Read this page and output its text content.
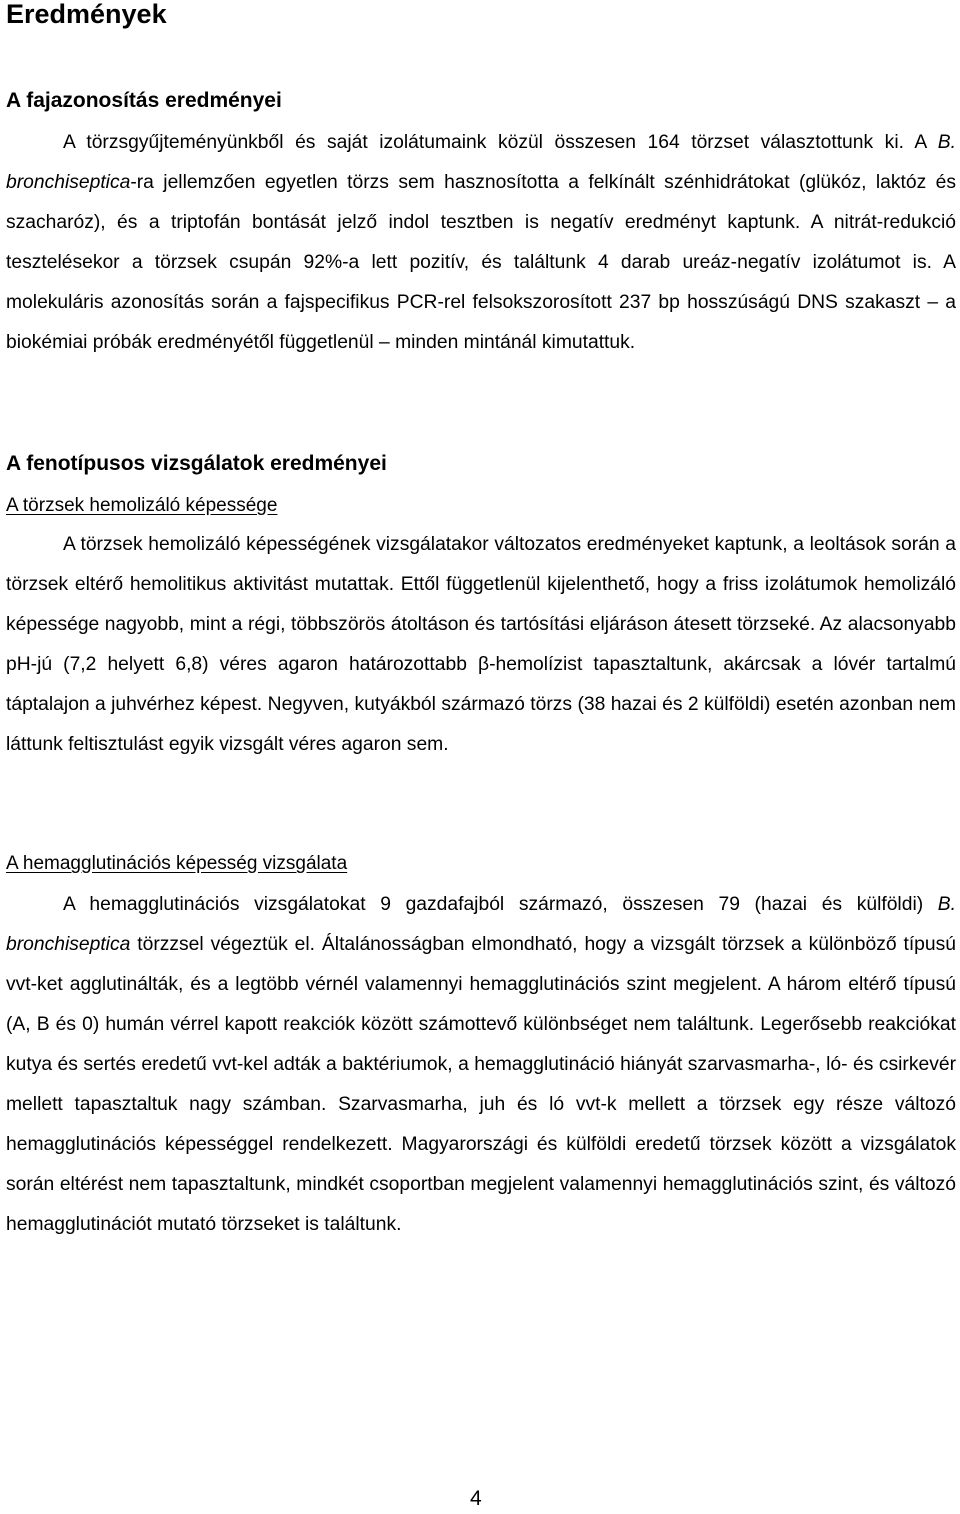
Eredmények
A fajazonosítás eredményei

A törzsgyűjteményünkből és saját izolátumaink közül összesen 164 törzset választottunk ki. A B. bronchiseptica-ra jellemzően egyetlen törzs sem hasznosította a felkínált szénhidrátokat (glükóz, laktóz és szacharóz), és a triptofán bontását jelző indol tesztben is negatív eredményt kaptunk. A nitrát-redukció tesztelésekor a törzsek csupán 92%-a lett pozitív, és találtunk 4 darab ureáz-negatív izolátumot is. A molekuláris azonosítás során a fajspecifikus PCR-rel felsokszorosított 237 bp hosszúságú DNS szakaszt – a biokémiai próbák eredményétől függetlenül – minden mintánál kimutattuk.

A fenotípusos vizsgálatok eredményei
A törzsek hemolizáló képessége

A törzsek hemolizáló képességének vizsgálatakor változatos eredményeket kaptunk, a leoltások során a törzsek eltérő hemolitikus aktivitást mutattak. Ettől függetlenül kijelenthető, hogy a friss izolátumok hemolizáló képessége nagyobb, mint a régi, többszörös átoltáson és tartósítási eljáráson átesett törzseké. Az alacsonyabb pH-jú (7,2 helyett 6,8) véres agaron határozottabb β-hemolízist tapasztaltunk, akárcsak a lóvér tartalmú táptalajon a juhvérhez képest. Negyven, kutyákból származó törzs (38 hazai és 2 külföldi) esetén azonban nem láttunk feltisztulást egyik vizsgált véres agaron sem.

A hemagglutinációs képesség vizsgálata

A hemagglutinációs vizsgálatokat 9 gazdafajból származó, összesen 79 (hazai és külföldi) B. bronchiseptica törzzsel végeztük el. Általánosságban elmondható, hogy a vizsgált törzsek a különböző típusú vvt-ket agglutinálták, és a legtöbb vérnél valamennyi hemagglutinációs szint megjelent. A három eltérő típusú (A, B és 0) humán vérrel kapott reakciók között számottevő különbséget nem találtunk. Legerősebb reakciókat kutya és sertés eredetű vvt-kel adták a baktériumok, a hemagglutináció hiányát szarvasmarha-, ló- és csirkevér mellett tapasztaltuk nagy számban. Szarvasmarha, juh és ló vvt-k mellett a törzsek egy része változó hemagglutinációs képességgel rendelkezett. Magyarországi és külföldi eredetű törzsek között a vizsgálatok során eltérést nem tapasztaltunk, mindkét csoportban megjelent valamennyi hemagglutinációs szint, és változó hemagglutinációt mutató törzseket is találtunk.

4
